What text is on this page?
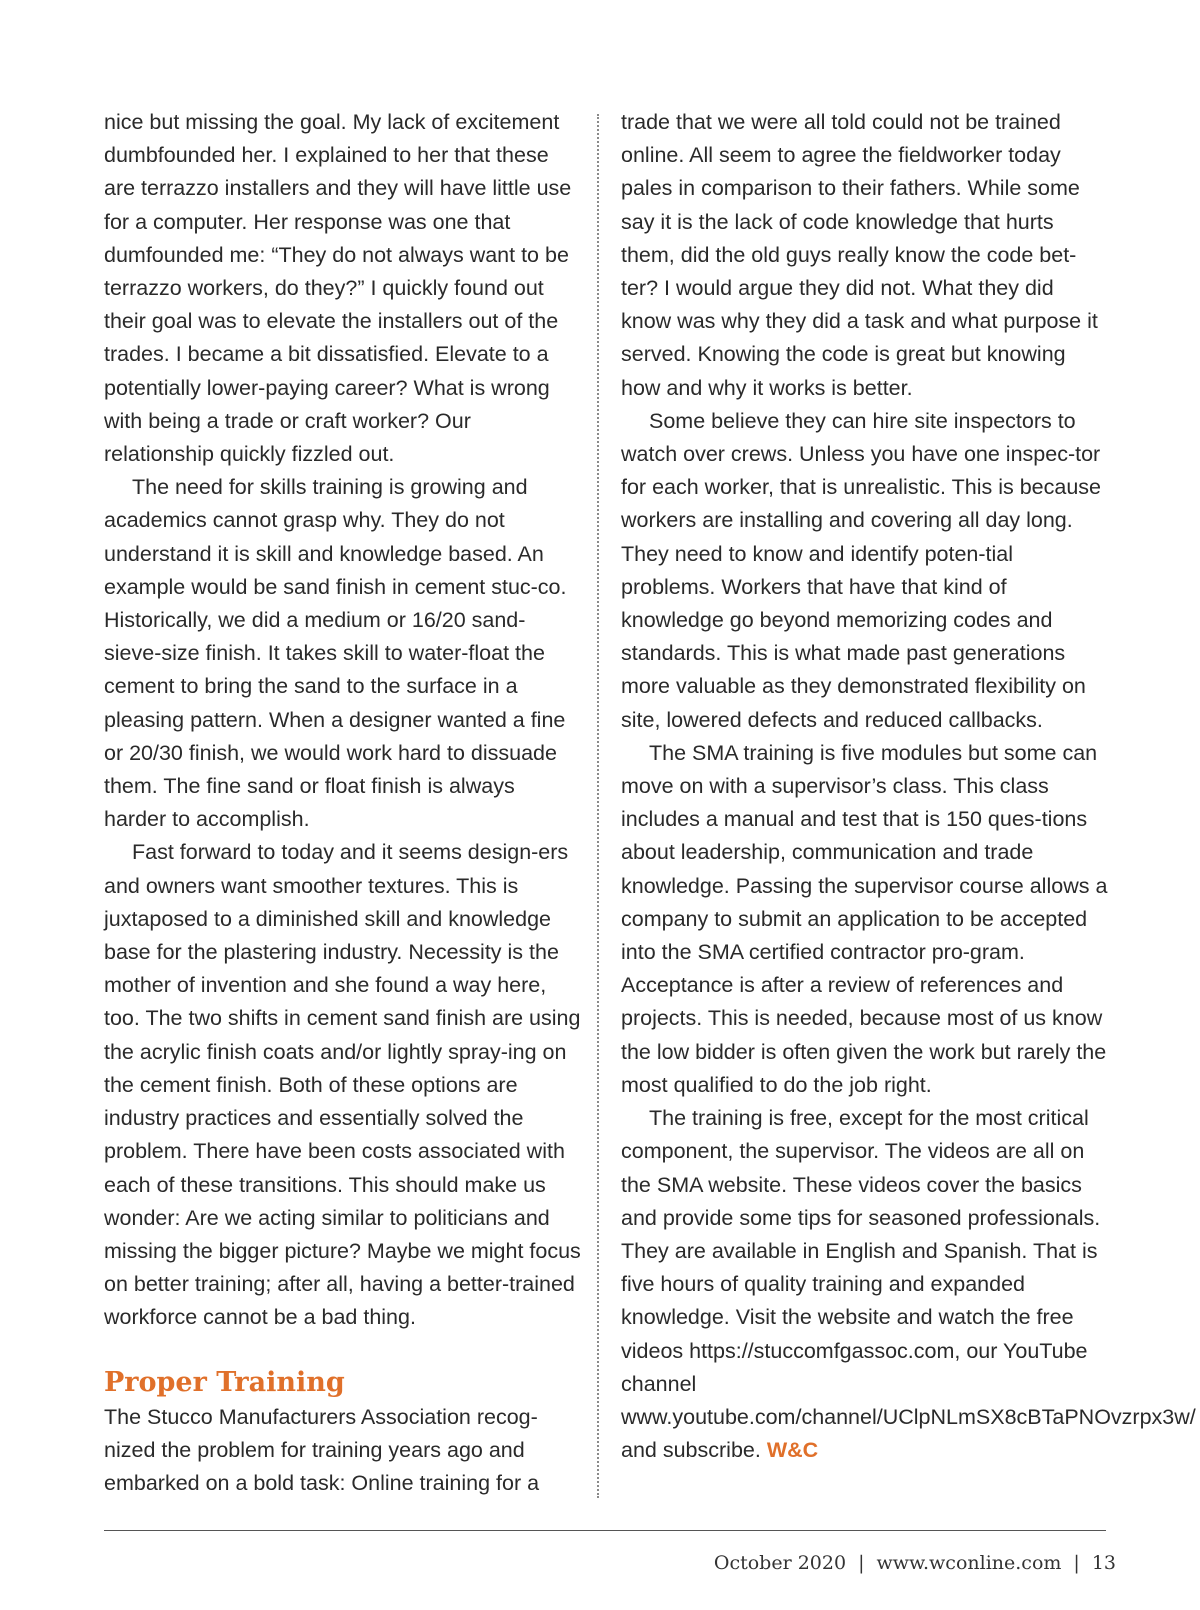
nice but missing the goal. My lack of excitement dumbfounded her. I explained to her that these are terrazzo installers and they will have little use for a computer. Her response was one that dumfounded me: “They do not always want to be terrazzo workers, do they?” I quickly found out their goal was to elevate the installers out of the trades. I became a bit dissatisfied. Elevate to a potentially lower-paying career? What is wrong with being a trade or craft worker? Our relationship quickly fizzled out.

The need for skills training is growing and academics cannot grasp why. They do not understand it is skill and knowledge based. An example would be sand finish in cement stuc-co. Historically, we did a medium or 16/20 sand-sieve-size finish. It takes skill to water-float the cement to bring the sand to the surface in a pleasing pattern. When a designer wanted a fine or 20/30 finish, we would work hard to dissuade them. The fine sand or float finish is always harder to accomplish.

Fast forward to today and it seems design-ers and owners want smoother textures. This is juxtaposed to a diminished skill and knowledge base for the plastering industry. Necessity is the mother of invention and she found a way here, too. The two shifts in cement sand finish are using the acrylic finish coats and/or lightly spray-ing on the cement finish. Both of these options are industry practices and essentially solved the problem. There have been costs associated with each of these transitions. This should make us wonder: Are we acting similar to politicians and missing the bigger picture? Maybe we might focus on better training; after all, having a better-trained workforce cannot be a bad thing.

Proper Training

The Stucco Manufacturers Association recog-nized the problem for training years ago and embarked on a bold task: Online training for a

trade that we were all told could not be trained online. All seem to agree the fieldworker today pales in comparison to their fathers. While some say it is the lack of code knowledge that hurts them, did the old guys really know the code bet-ter? I would argue they did not. What they did know was why they did a task and what purpose it served. Knowing the code is great but knowing how and why it works is better.

Some believe they can hire site inspectors to watch over crews. Unless you have one inspec-tor for each worker, that is unrealistic. This is because workers are installing and covering all day long. They need to know and identify poten-tial problems. Workers that have that kind of knowledge go beyond memorizing codes and standards. This is what made past generations more valuable as they demonstrated flexibility on site, lowered defects and reduced callbacks.

The SMA training is five modules but some can move on with a supervisor’s class. This class includes a manual and test that is 150 ques-tions about leadership, communication and trade knowledge. Passing the supervisor course allows a company to submit an application to be accepted into the SMA certified contractor pro-gram. Acceptance is after a review of references and projects. This is needed, because most of us know the low bidder is often given the work but rarely the most qualified to do the job right.

The training is free, except for the most critical component, the supervisor. The videos are all on the SMA website. These videos cover the basics and provide some tips for seasoned professionals. They are available in English and Spanish. That is five hours of quality training and expanded knowledge. Visit the website and watch the free videos https://stuccomfgassoc.com, our YouTube channel www.youtube.com/channel/UClpNLmSX8cBTaPNOvzrpx3w/ and subscribe. W&C

October 2020 | www.wconline.com | 13
